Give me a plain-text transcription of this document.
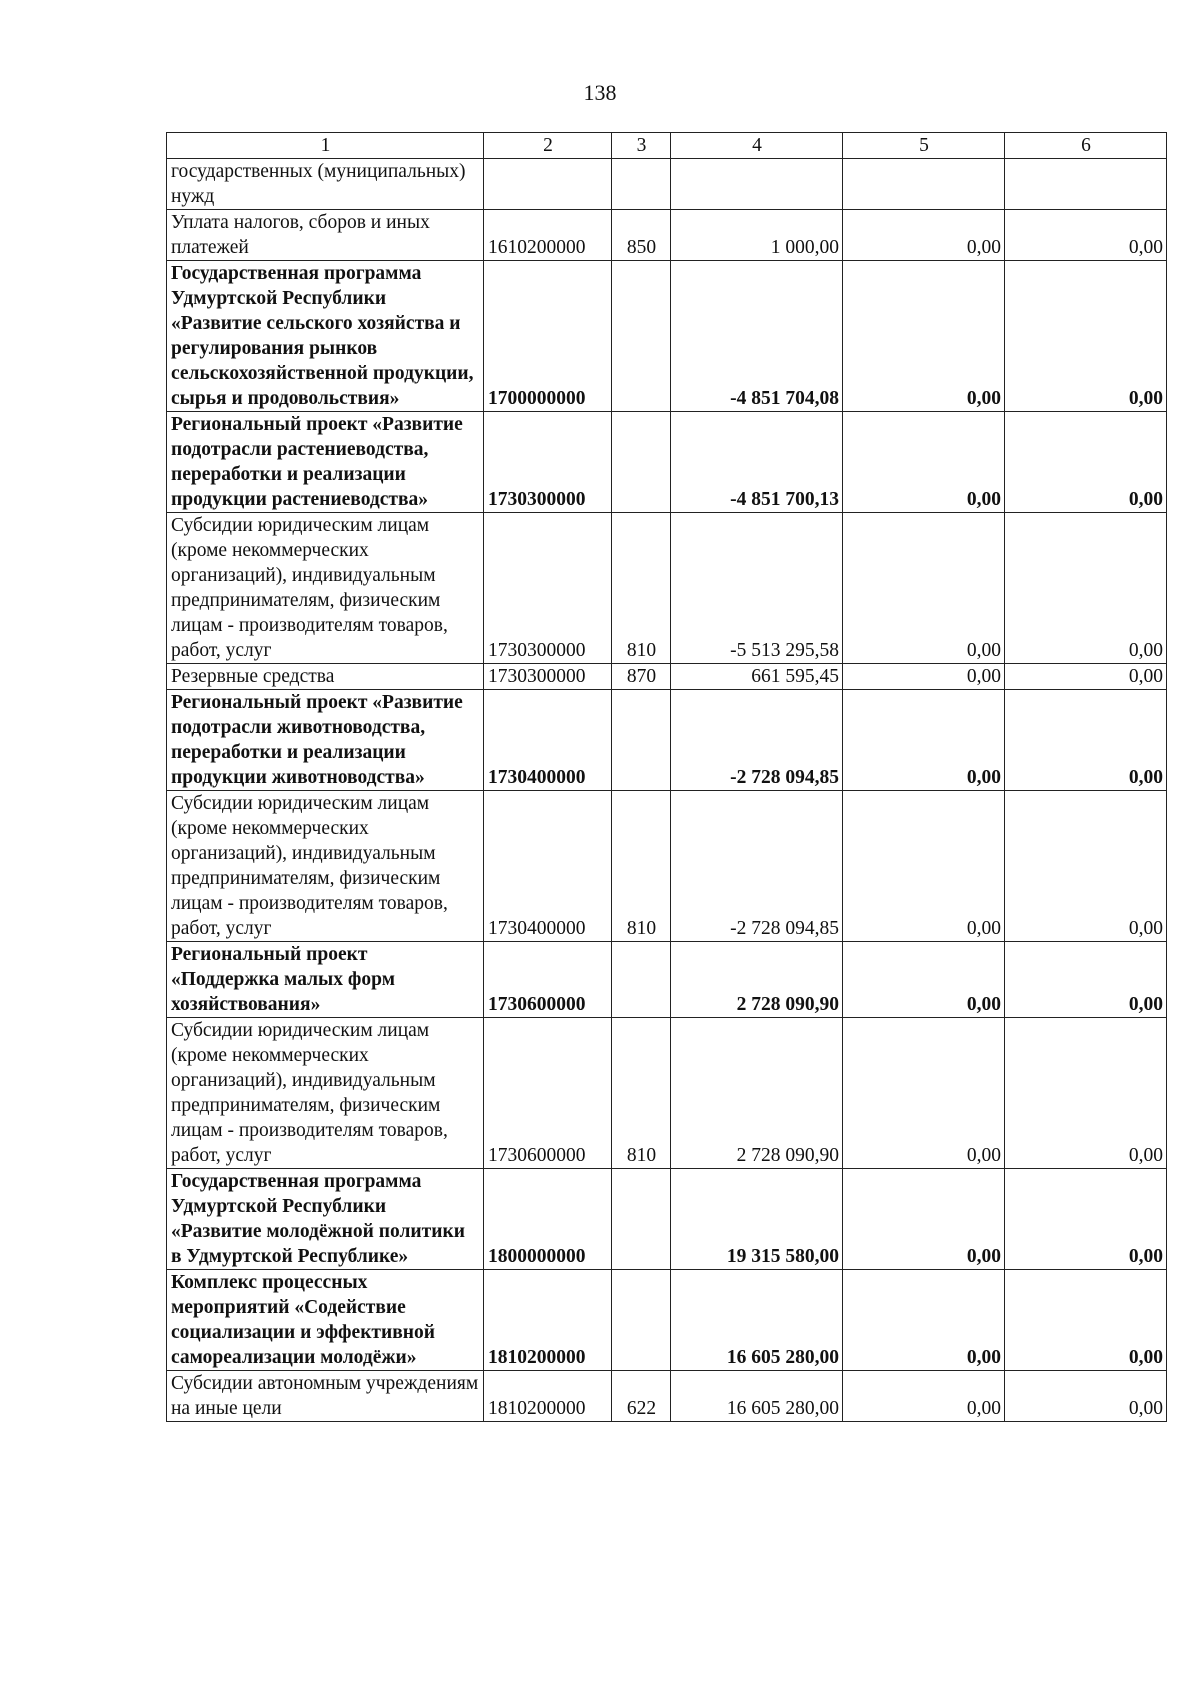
138
1	2	3	4	5	6
государственных (муниципальных) нужд					
Уплата налогов, сборов и иных платежей	1610200000	850	1 000,00	0,00	0,00
Государственная программа Удмуртской Республики «Развитие сельского хозяйства и регулирования рынков сельскохозяйственной продукции, сырья и продовольствия»	1700000000		-4 851 704,08	0,00	0,00
Региональный проект «Развитие подотрасли растениеводства, переработки и реализации продукции растениеводства»	1730300000		-4 851 700,13	0,00	0,00
Субсидии юридическим лицам (кроме некоммерческих организаций), индивидуальным предпринимателям, физическим лицам - производителям товаров, работ, услуг	1730300000	810	-5 513 295,58	0,00	0,00
Резервные средства	1730300000	870	661 595,45	0,00	0,00
Региональный проект «Развитие подотрасли животноводства, переработки и реализации продукции животноводства»	1730400000		-2 728 094,85	0,00	0,00
Субсидии юридическим лицам (кроме некоммерческих организаций), индивидуальным предпринимателям, физическим лицам - производителям товаров, работ, услуг	1730400000	810	-2 728 094,85	0,00	0,00
Региональный проект «Поддержка малых форм хозяйствования»	1730600000		2 728 090,90	0,00	0,00
Субсидии юридическим лицам (кроме некоммерческих организаций), индивидуальным предпринимателям, физическим лицам - производителям товаров, работ, услуг	1730600000	810	2 728 090,90	0,00	0,00
Государственная программа Удмуртской Республики «Развитие молодёжной политики в Удмуртской Республике»	1800000000		19 315 580,00	0,00	0,00
Комплекс процессных мероприятий «Содействие социализации и эффективной самореализации молодёжи»	1810200000		16 605 280,00	0,00	0,00
Субсидии автономным учреждениям на иные цели	1810200000	622	16 605 280,00	0,00	0,00
